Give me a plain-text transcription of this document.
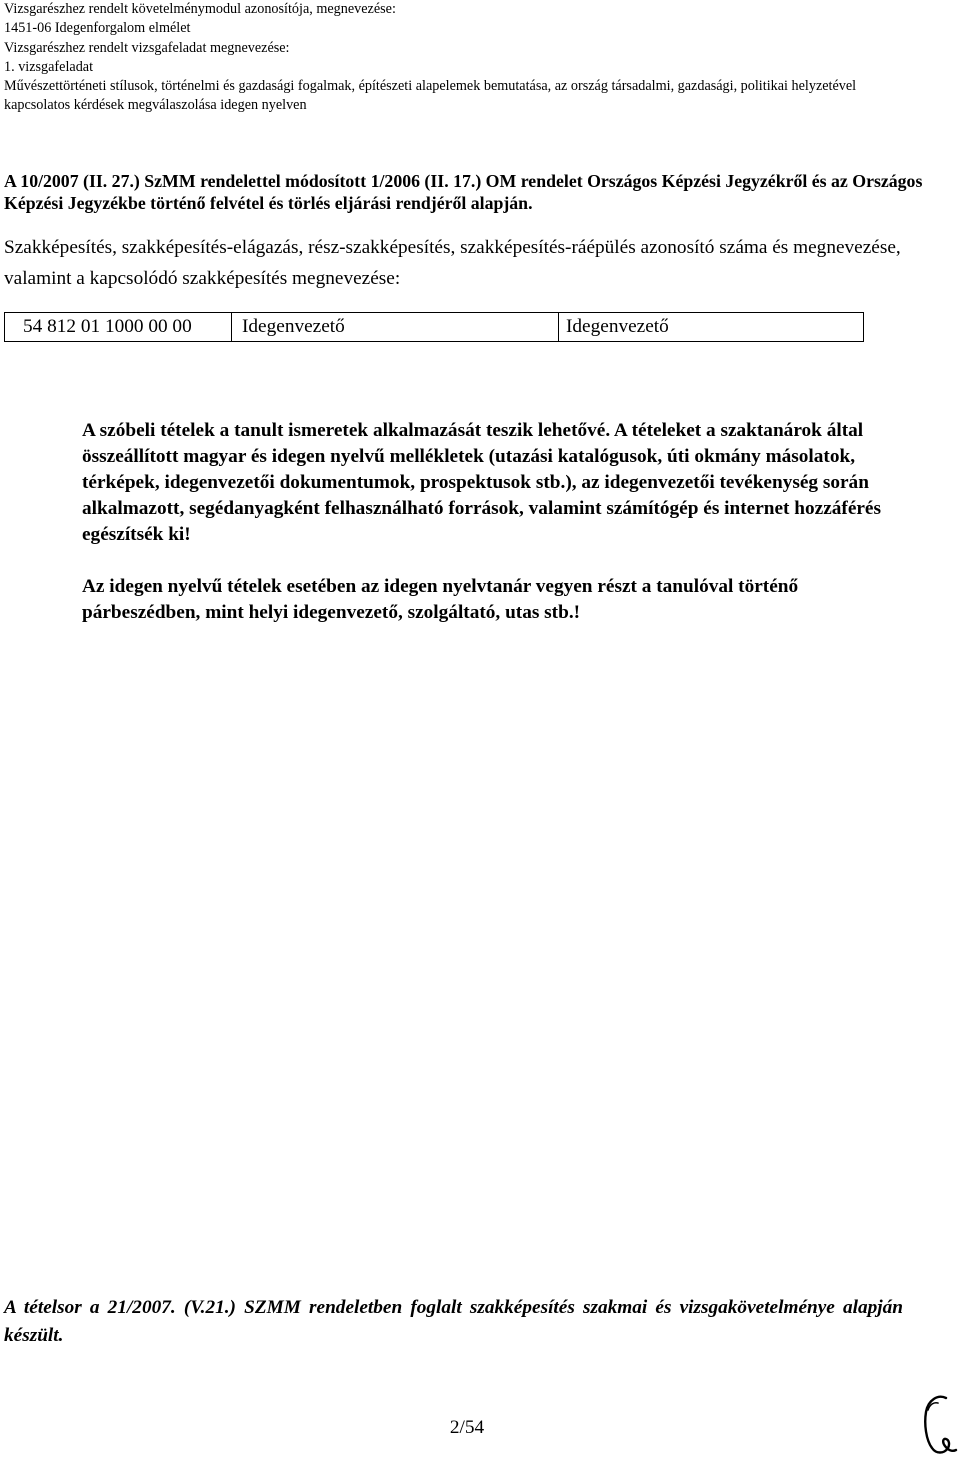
Vizsgarészhez rendelt követelménymodul azonosítója, megnevezése:
1451-06 Idegenforgalom elmélet
Vizsgarészhez rendelt vizsgafeladat megnevezése:
1. vizsgafeladat
Művészettörténeti stílusok, történelmi és gazdasági fogalmak, építészeti alapelemek bemutatása, az ország társadalmi, gazdasági, politikai helyzetével
kapcsolatos kérdések megválaszolása idegen nyelven
A 10/2007 (II. 27.) SzMM rendelettel módosított 1/2006 (II. 17.) OM rendelet Országos Képzési Jegyzékről és az Országos Képzési Jegyzékbe történő felvétel és törlés eljárási rendjéről alapján.
Szakképesítés, szakképesítés-elágazás, rész-szakképesítés, szakképesítés-ráépülés azonosító száma és megnevezése, valamint a kapcsolódó szakképesítés megnevezése:
54 812 01 1000 00 00	Idegenvezető	Idegenvezető

A szóbeli tételek a tanult ismeretek alkalmazását teszik lehetővé. A tételeket a szaktanárok által összeállított magyar és idegen nyelvű mellékletek (utazási katalógusok, úti okmány másolatok, térképek, idegenvezetői dokumentumok, prospektusok stb.), az idegenvezetői tevékenység során alkalmazott, segédanyagként felhasználható források, valamint számítógép és internet hozzáférés egészítsék ki!

Az idegen nyelvű tételek esetében az idegen nyelvtanár vegyen részt a tanulóval történő párbeszédben, mint helyi idegenvezető, szolgáltató, utas stb.!

A tételsor a 21/2007. (V.21.) SZMM rendeletben foglalt szakképesítés szakmai és vizsgakövetelménye alapján készült.
2/54
